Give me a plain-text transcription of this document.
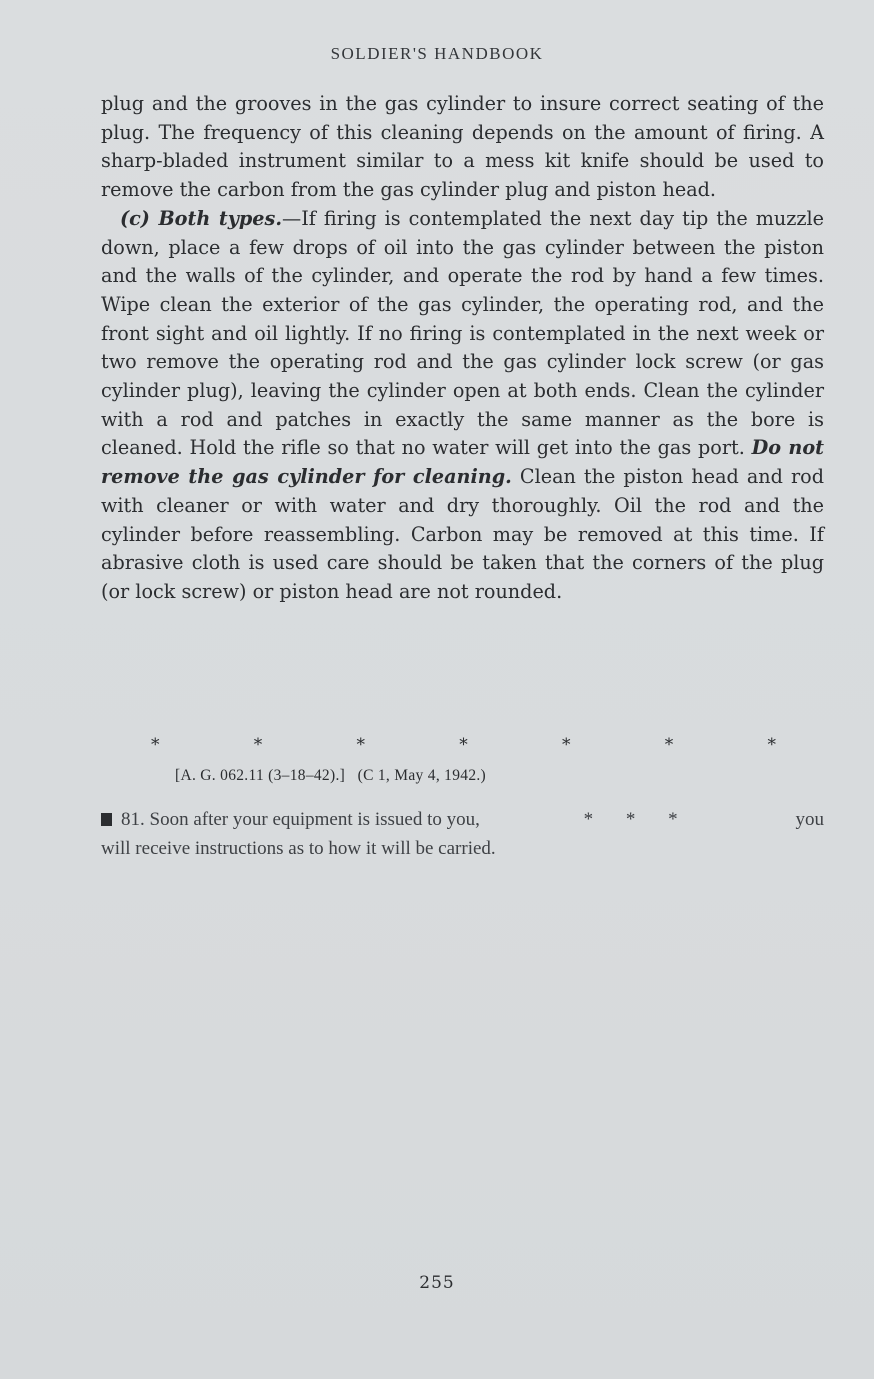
SOLDIER'S HANDBOOK

plug and the grooves in the gas cylinder to insure correct seating of the plug. The frequency of this cleaning depends on the amount of firing. A sharp-bladed instrument similar to a mess kit knife should be used to remove the carbon from the gas cylinder plug and piston head.

(c) Both types.—If firing is contemplated the next day tip the muzzle down, place a few drops of oil into the gas cylinder between the piston and the walls of the cylinder, and operate the rod by hand a few times. Wipe clean the exterior of the gas cylinder, the operating rod, and the front sight and oil lightly. If no firing is contemplated in the next week or two remove the operating rod and the gas cylinder lock screw (or gas cylinder plug), leaving the cylinder open at both ends. Clean the cylinder with a rod and patches in exactly the same manner as the bore is cleaned. Hold the rifle so that no water will get into the gas port. Do not remove the gas cylinder for cleaning. Clean the piston head and rod with cleaner or with water and dry thoroughly. Oil the rod and the cylinder before reassembling. Carbon may be removed at this time. If abrasive cloth is used care should be taken that the corners of the plug (or lock screw) or piston head are not rounded.

*	*	*	*	*	*	*
[A. G. 062.11 (3–18–42).]   (C 1, May 4, 1942.)
81. Soon after your equipment is issued to you,	* * *	you
will receive instructions as to how it will be carried.
255
